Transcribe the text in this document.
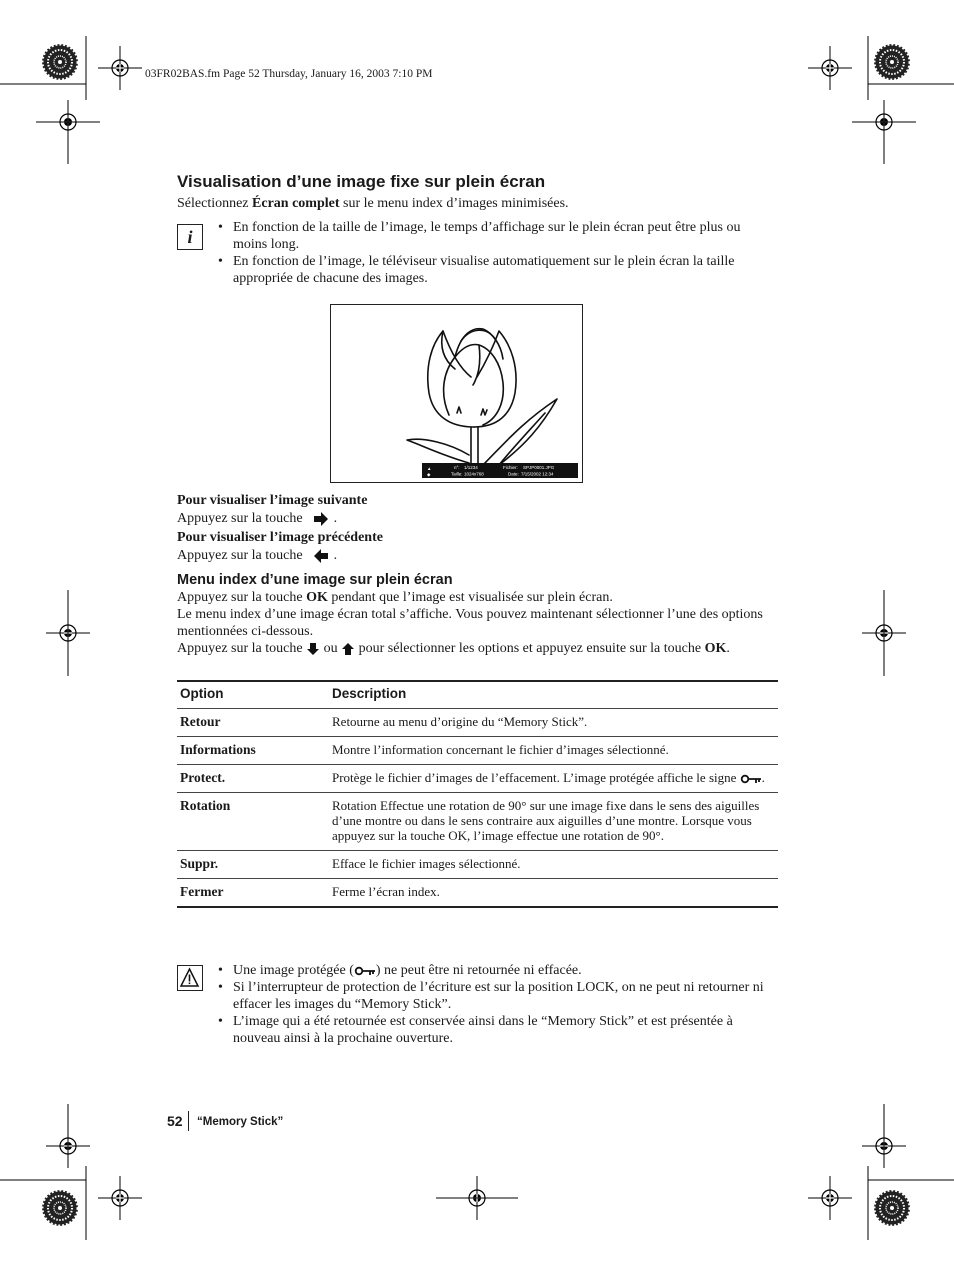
03FR02BAS.fm Page 52 Thursday, January 16, 2003 7:10 PM
Visualisation d’une image fixe sur plein écran
Sélectionnez Écran complet sur le menu index d’images minimisées.
i	• En fonction de la taille de l’image, le temps d’affichage sur le plein écran peut être plus ou moins long.
• En fonction de l’image, le téléviseur visualise automatiquement sur le plein écran la taille appropriée de chacune des images.
▲
◆
n°: 1/1234
Taille: 1024x768
Fichier: SPJP0001.JPG
Date: 7/15/2002 12:34
Pour visualiser l’image suivante
Appuyez sur la touche .
Pour visualiser l’image précédente
Appuyez sur la touche .
Menu index d’une image sur plein écran
Appuyez sur la touche OK pendant que l’image est visualisée sur plein écran.
Le menu index d’une image écran total s’affiche. Vous pouvez maintenant sélectionner l’une des options mentionnées ci-dessous.
Appuyez sur la touche ou pour sélectionner les options et appuyez ensuite sur la touche OK.
Option	Description
Retour	Retourne au menu d’origine du “Memory Stick”.
Informations	Montre l’information concernant le fichier d’images sélectionné.
Protect.	Protège le fichier d’images de l’effacement. L’image protégée affiche le signe .
Rotation	Rotation Effectue une rotation de 90° sur une image fixe dans le sens des aiguilles d’une montre ou dans le sens contraire aux aiguilles d’une montre. Lorsque vous appuyez sur la touche OK, l’image effectue une rotation de 90°.
Suppr.	Efface le fichier images sélectionné.
Fermer	Ferme l’écran index.
• Une image protégée ( ) ne peut être ni retournée ni effacée.
• Si l’interrupteur de protection de l’écriture est sur la position LOCK, on ne peut ni retourner ni effacer les images du “Memory Stick”.
• L’image qui a été retournée est conservée ainsi dans le “Memory Stick” et est présentée à nouveau ainsi à la prochaine ouverture.
52 “Memory Stick”
